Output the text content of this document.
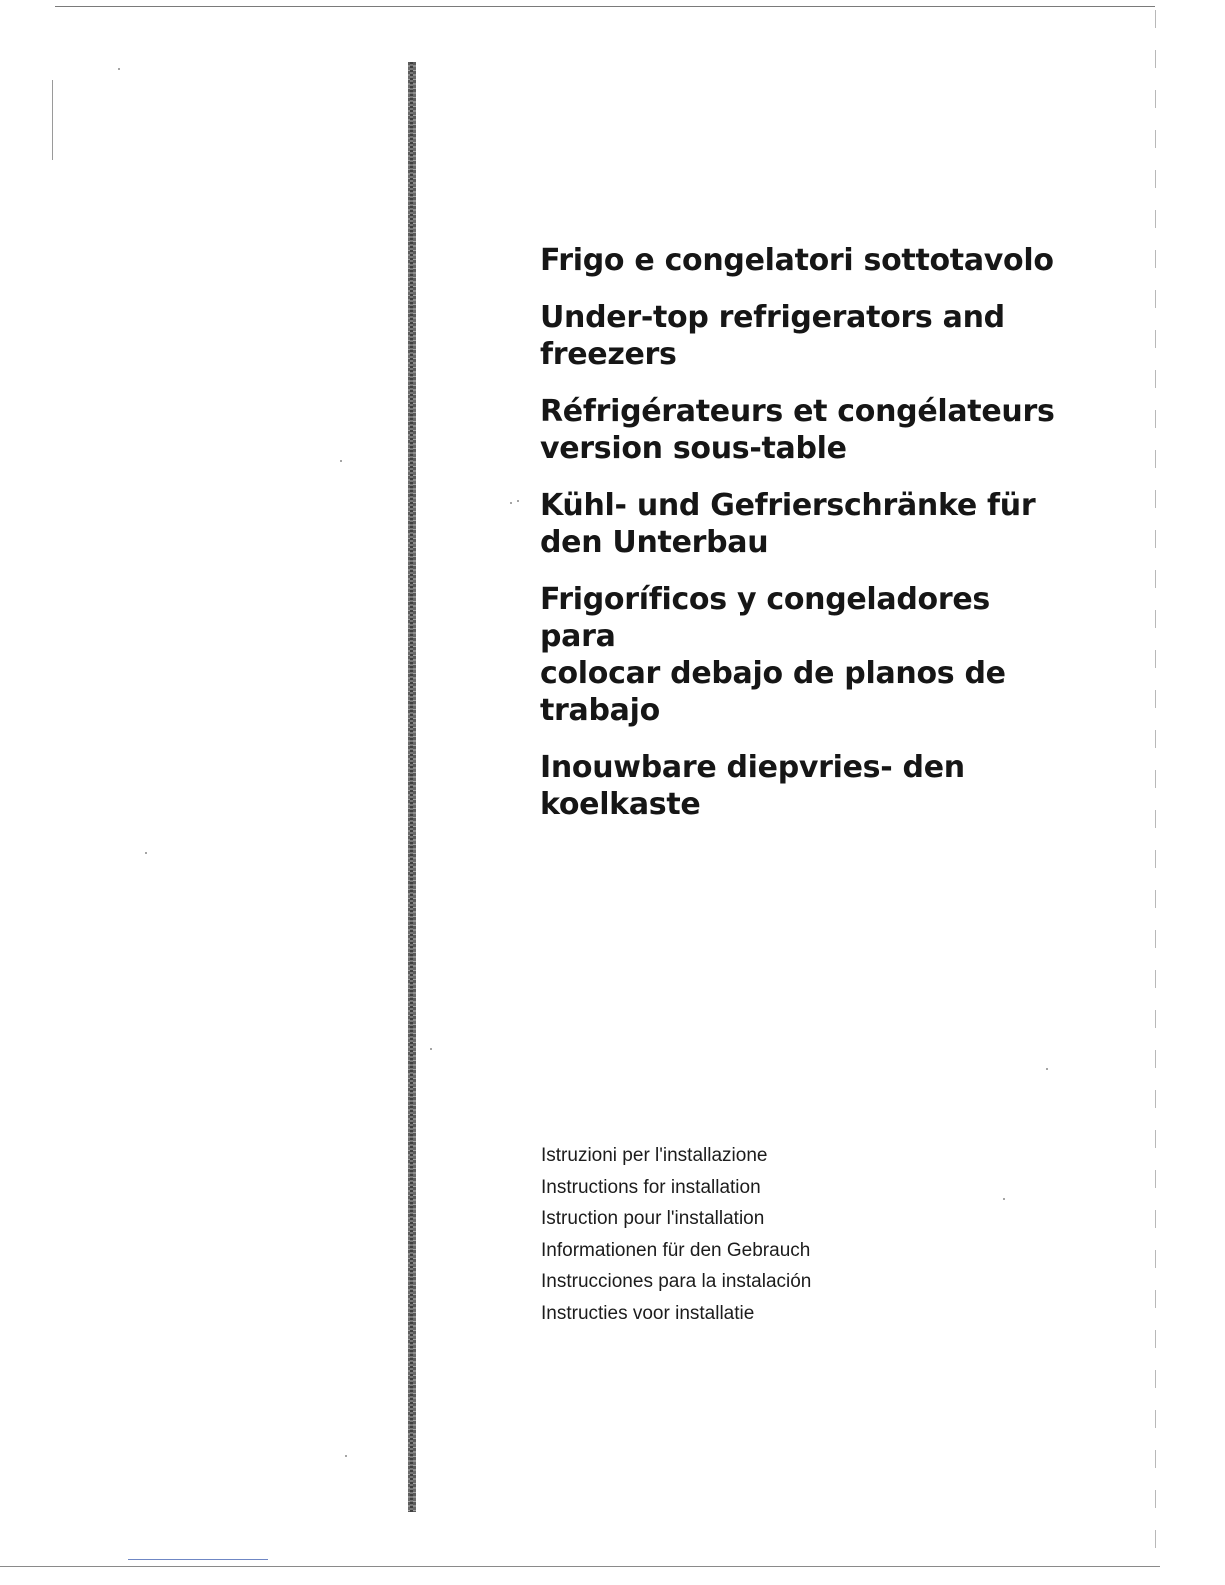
Frigo e congelatori sottotavolo
Under-top refrigerators and
freezers
Réfrigérateurs et congélateurs
version sous-table
Kühl- und Gefrierschränke für
den Unterbau
Frigoríficos y congeladores para
colocar debajo de planos de
trabajo
Inouwbare diepvries- den
koelkaste
Istruzioni per l'installazione
Instructions for installation
Istruction pour l'installation
Informationen für den Gebrauch
Instrucciones para la instalación
Instructies voor installatie
